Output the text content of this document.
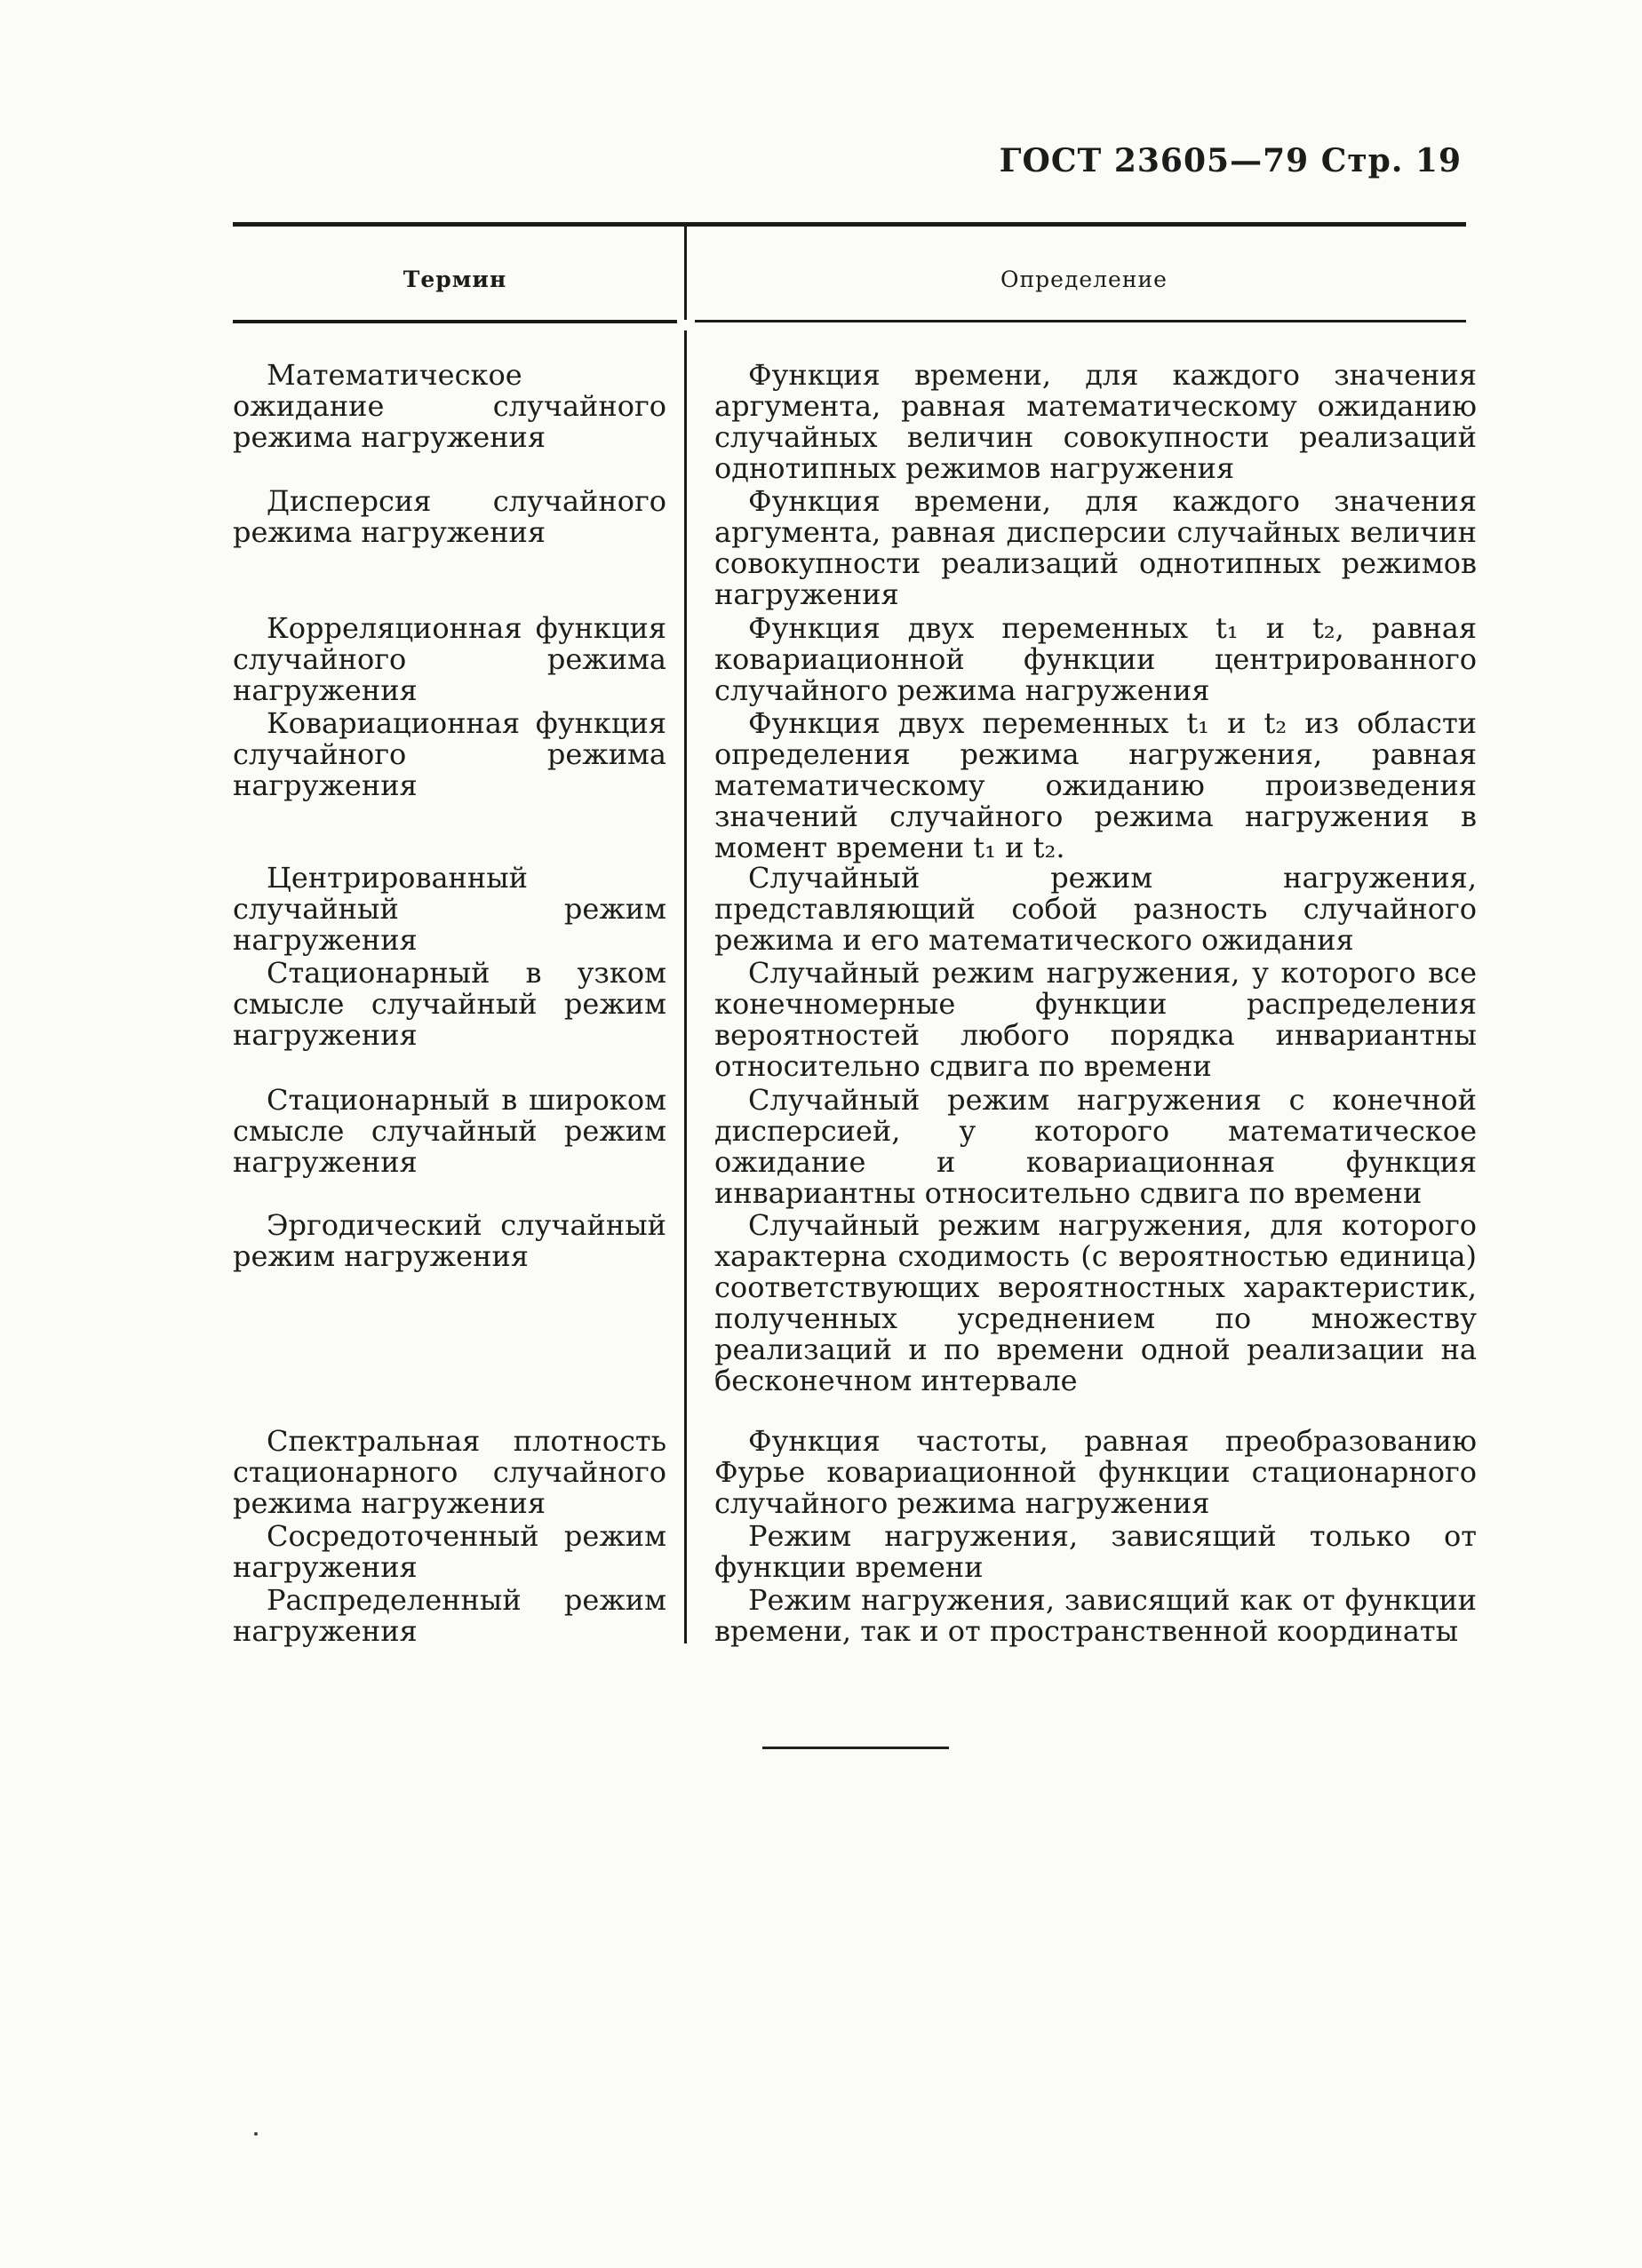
ГОСТ 23605—79 Стр. 19
Термин	Определение
Математическое ожидание случайного режима нагружения
Функция времени, для каждого значения аргумента, равная математическому ожиданию случайных величин совокупности реализаций однотипных режимов нагружения
Дисперсия случайного режима нагружения
Функция времени, для каждого значения аргумента, равная дисперсии случайных величин совокупности реализаций однотипных режимов нагружения
Корреляционная функция случайного режима нагружения
Функция двух переменных t₁ и t₂, равная ковариационной функции центрированного случайного режима нагружения
Ковариационная функция случайного режима нагружения
Функция двух переменных t₁ и t₂ из области определения режима нагружения, равная математическому ожиданию произведения значений случайного режима нагружения в момент времени t₁ и t₂.
Центрированный случайный режим нагружения
Случайный режим нагружения, представляющий собой разность случайного режима и его математического ожидания
Стационарный в узком смысле случайный режим нагружения
Случайный режим нагружения, у которого все конечномерные функции распределения вероятностей любого порядка инвариантны относительно сдвига по времени
Стационарный в широком смысле случайный режим нагружения
Случайный режим нагружения с конечной дисперсией, у которого математическое ожидание и ковариационная функция инвариантны относительно сдвига по времени
Эргодический случайный режим нагружения
Случайный режим нагружения, для которого характерна сходимость (с вероятностью единица) соответствующих вероятностных характеристик, полученных усреднением по множеству реализаций и по времени одной реализации на бесконечном интервале
Спектральная плотность стационарного случайного режима нагружения
Функция частоты, равная преобразованию Фурье ковариационной функции стационарного случайного режима нагружения
Сосредоточенный режим нагружения
Режим нагружения, зависящий только от функции времени
Распределенный режим нагружения
Режим нагружения, зависящий как от функции времени, так и от пространственной координаты
